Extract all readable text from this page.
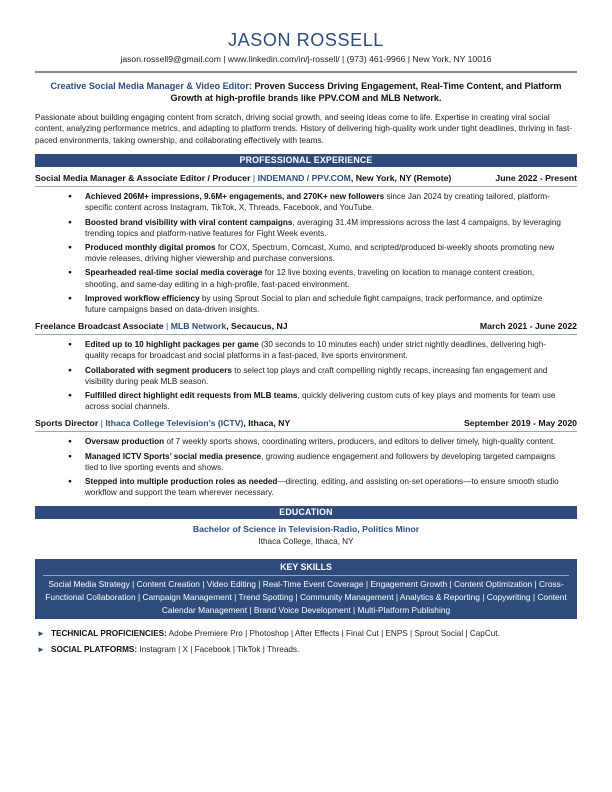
JASON ROSSELL
jason.rossell9@gmail.com | www.linkedin.com/in/j-rossell/ | (973) 461-9966 | New York, NY 10016
Creative Social Media Manager & Video Editor: Proven Success Driving Engagement, Real-Time Content, and Platform
Growth at high-profile brands like PPV.COM and MLB Network.
Passionate about building engaging content from scratch, driving social growth, and seeing ideas come to life. Expertise in creating viral social content, analyzing performance metrics, and adapting to platform trends. History of delivering high-quality work under tight deadlines, thriving in fast-paced environments, taking ownership, and collaborating effectively with teams.
PROFESSIONAL EXPERIENCE
Social Media Manager & Associate Editor / Producer | INDEMAND / PPV.COM, New York, NY (Remote)	June 2022 - Present
● Achieved 206M+ impressions, 9.6M+ engagements, and 270K+ new followers since Jan 2024 by creating tailored, platform-specific content across Instagram, TikTok, X, Threads, Facebook, and YouTube.
● Boosted brand visibility with viral content campaigns, averaging 31.4M impressions across the last 4 campaigns, by leveraging trending topics and platform-native features for Fight Week events.
● Produced monthly digital promos for COX, Spectrum, Comcast, Xumo, and scripted/produced bi-weekly shoots promoting new movie releases, driving higher viewership and purchase conversions.
● Spearheaded real-time social media coverage for 12 live boxing events, traveling on location to manage content creation, shooting, and same-day editing in a high-profile, fast-paced environment.
● Improved workflow efficiency by using Sprout Social to plan and schedule fight campaigns, track performance, and optimize future campaigns based on data-driven insights.
Freelance Broadcast Associate | MLB Network, Secaucus, NJ	March 2021 - June 2022
● Edited up to 10 highlight packages per game (30 seconds to 10 minutes each) under strict nightly deadlines, delivering high-quality recaps for broadcast and social platforms in a fast-paced, live sports environment.
● Collaborated with segment producers to select top plays and craft compelling nightly recaps, increasing fan engagement and visibility during peak MLB season.
● Fulfilled direct highlight edit requests from MLB teams, quickly delivering custom cuts of key plays and moments for team use across social channels.
Sports Director | Ithaca College Television’s (ICTV), Ithaca, NY	September 2019 - May 2020
● Oversaw production of 7 weekly sports shows, coordinating writers, producers, and editors to deliver timely, high-quality content.
● Managed ICTV Sports’ social media presence, growing audience engagement and followers by developing targeted campaigns tied to live sporting events and shows.
● Stepped into multiple production roles as needed—directing, editing, and assisting on-set operations—to ensure smooth studio workflow and support the team wherever necessary.
EDUCATION
Bachelor of Science in Television-Radio, Politics Minor
Ithaca College, Ithaca, NY
KEY SKILLS
Social Media Strategy | Content Creation | Video Editing | Real-Time Event Coverage | Engagement Growth | Content Optimization | Cross-Functional Collaboration | Campaign Management | Trend Spotting | Community Management | Analytics & Reporting | Copywriting | Content Calendar Management | Brand Voice Development | Multi-Platform Publishing
► TECHNICAL PROFICIENCIES: Adobe Premiere Pro | Photoshop | After Effects | Final Cut | ENPS | Sprout Social | CapCut.
► SOCIAL PLATFORMS: Instagram | X | Facebook | TikTok | Threads.
